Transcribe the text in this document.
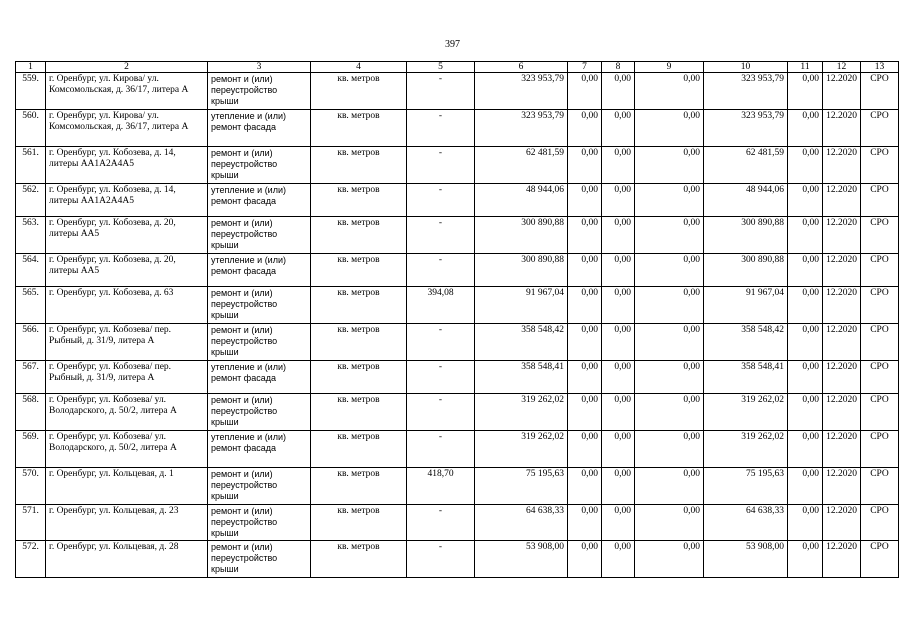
397
1	2	3	4	5	6	7	8	9	10	11	12	13
559.	г. Оренбург, ул. Кирова/ ул. Комсомольская, д. 36/17, литера А	ремонт и (или) переустройство крыши	кв. метров	-	323 953,79	0,00	0,00	0,00	323 953,79	0,00	12.2020	СРО
560.	г. Оренбург, ул. Кирова/ ул. Комсомольская, д. 36/17, литера А	утепление и (или) ремонт фасада	кв. метров	-	323 953,79	0,00	0,00	0,00	323 953,79	0,00	12.2020	СРО
561.	г. Оренбург, ул. Кобозева, д. 14, литеры АА1А2А4А5	ремонт и (или) переустройство крыши	кв. метров	-	62 481,59	0,00	0,00	0,00	62 481,59	0,00	12.2020	СРО
562.	г. Оренбург, ул. Кобозева, д. 14, литеры АА1А2А4А5	утепление и (или) ремонт фасада	кв. метров	-	48 944,06	0,00	0,00	0,00	48 944,06	0,00	12.2020	СРО
563.	г. Оренбург, ул. Кобозева, д. 20, литеры АА5	ремонт и (или) переустройство крыши	кв. метров	-	300 890,88	0,00	0,00	0,00	300 890,88	0,00	12.2020	СРО
564.	г. Оренбург, ул. Кобозева, д. 20, литеры АА5	утепление и (или) ремонт фасада	кв. метров	-	300 890,88	0,00	0,00	0,00	300 890,88	0,00	12.2020	СРО
565.	г. Оренбург, ул. Кобозева, д. 63	ремонт и (или) переустройство крыши	кв. метров	394,08	91 967,04	0,00	0,00	0,00	91 967,04	0,00	12.2020	СРО
566.	г. Оренбург, ул. Кобозева/ пер. Рыбный, д. 31/9, литера А	ремонт и (или) переустройство крыши	кв. метров	-	358 548,42	0,00	0,00	0,00	358 548,42	0,00	12.2020	СРО
567.	г. Оренбург, ул. Кобозева/ пер. Рыбный, д. 31/9, литера А	утепление и (или) ремонт фасада	кв. метров	-	358 548,41	0,00	0,00	0,00	358 548,41	0,00	12.2020	СРО
568.	г. Оренбург, ул. Кобозева/ ул. Володарского, д. 50/2, литера А	ремонт и (или) переустройство крыши	кв. метров	-	319 262,02	0,00	0,00	0,00	319 262,02	0,00	12.2020	СРО
569.	г. Оренбург, ул. Кобозева/ ул. Володарского, д. 50/2, литера А	утепление и (или) ремонт фасада	кв. метров	-	319 262,02	0,00	0,00	0,00	319 262,02	0,00	12.2020	СРО
570.	г. Оренбург, ул. Кольцевая, д. 1	ремонт и (или) переустройство крыши	кв. метров	418,70	75 195,63	0,00	0,00	0,00	75 195,63	0,00	12.2020	СРО
571.	г. Оренбург, ул. Кольцевая, д. 23	ремонт и (или) переустройство крыши	кв. метров	-	64 638,33	0,00	0,00	0,00	64 638,33	0,00	12.2020	СРО
572.	г. Оренбург, ул. Кольцевая, д. 28	ремонт и (или) переустройство крыши	кв. метров	-	53 908,00	0,00	0,00	0,00	53 908,00	0,00	12.2020	СРО
